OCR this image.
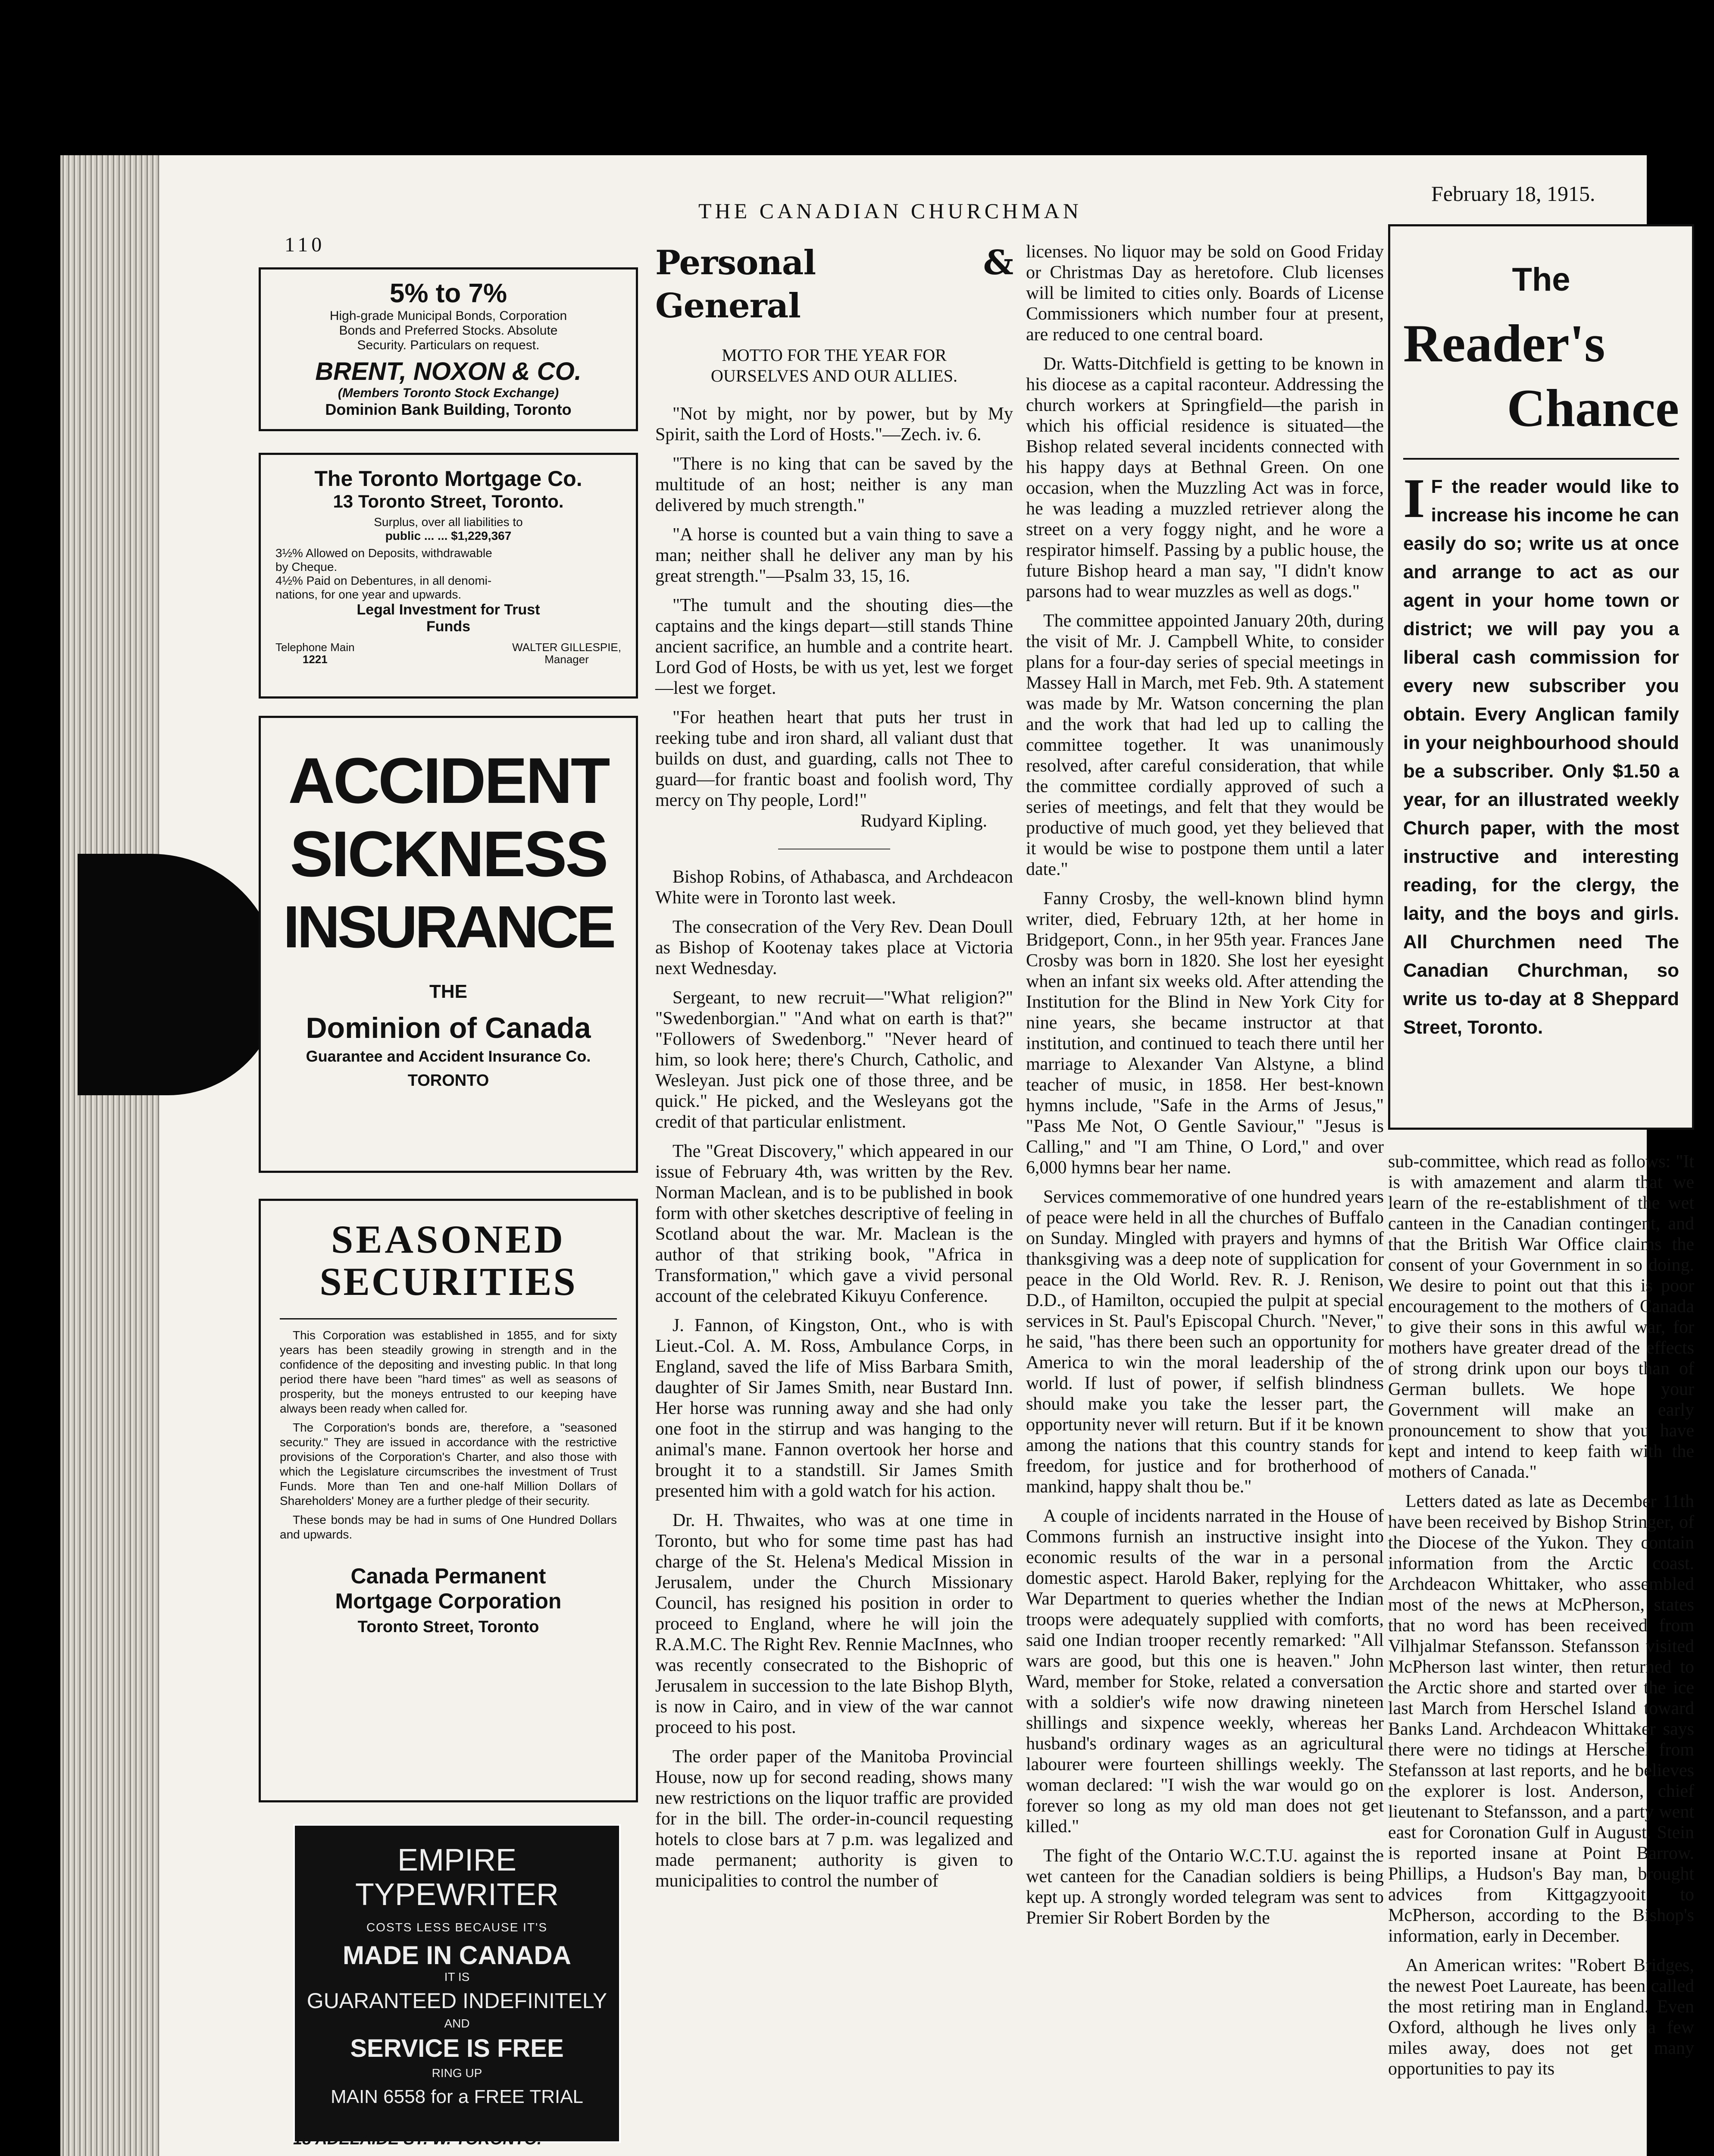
110
THE CANADIAN CHURCHMAN
February 18, 1915.
5% to 7%
High-grade Municipal Bonds, Corporation
Bonds and Preferred Stocks. Absolute
Security. Particulars on request.
BRENT, NOXON & CO.
(Members Toronto Stock Exchange)
Dominion Bank Building, Toronto
The Toronto Mortgage Co.
13 Toronto Street, Toronto.
Surplus, over all liabilities to
public ... ... $1,229,367
3½% Allowed on Deposits, withdrawable
by Cheque.
4½% Paid on Debentures, in all denomi-
nations, for one year and upwards.
Legal Investment for Trust
Funds
Telephone Main
1221
WALTER GILLESPIE,
Manager
ACCIDENT
SICKNESS
INSURANCE
THE
Dominion of Canada
Guarantee and Accident Insurance Co.
TORONTO
SEASONED
SECURITIES
This Corporation was established in 1855, and for sixty years has been steadily growing in strength and in the confidence of the depositing and investing public. In that long period there have been "hard times" as well as seasons of prosperity, but the moneys entrusted to our keeping have always been ready when called for.
The Corporation's bonds are, therefore, a "seasoned security." They are issued in accordance with the restrictive provisions of the Corporation's Charter, and also those with which the Legislature circumscribes the investment of Trust Funds. More than Ten and one-half Million Dollars of Shareholders' Money are a further pledge of their security.
These bonds may be had in sums of One Hundred Dollars and upwards.
Canada Permanent
Mortgage Corporation
Toronto Street, Toronto
EMPIRE TYPEWRITER
COSTS LESS BECAUSE IT'S
MADE IN CANADA
IT IS
GUARANTEED INDEFINITELY
AND
SERVICE IS FREE
RING UP
MAIN 6558 for a FREE TRIAL
18 ADELAIDE ST. W. TORONTO.
Personal & General
MOTTO FOR THE YEAR FOR
OURSELVES AND OUR ALLIES.

"Not by might, nor by power, but by My Spirit, saith the Lord of Hosts."—Zech. iv. 6.

"There is no king that can be saved by the multitude of an host; neither is any man delivered by much strength."

"A horse is counted but a vain thing to save a man; neither shall he deliver any man by his great strength."—Psalm 33, 15, 16.

"The tumult and the shouting dies—the captains and the kings depart—still stands Thine ancient sacrifice, an humble and a contrite heart. Lord God of Hosts, be with us yet, lest we forget—lest we forget.

"For heathen heart that puts her trust in reeking tube and iron shard, all valiant dust that builds on dust, and guarding, calls not Thee to guard—for frantic boast and foolish word, Thy mercy on Thy people, Lord!"

Rudyard Kipling.

Bishop Robins, of Athabasca, and Archdeacon White were in Toronto last week.

The consecration of the Very Rev. Dean Doull as Bishop of Kootenay takes place at Victoria next Wednesday.

Sergeant, to new recruit—"What religion?" "Swedenborgian." "And what on earth is that?" "Followers of Swedenborg." "Never heard of him, so look here; there's Church, Catholic, and Wesleyan. Just pick one of those three, and be quick." He picked, and the Wesleyans got the credit of that particular enlistment.

The "Great Discovery," which appeared in our issue of February 4th, was written by the Rev. Norman Maclean, and is to be published in book form with other sketches descriptive of feeling in Scotland about the war. Mr. Maclean is the author of that striking book, "Africa in Transformation," which gave a vivid personal account of the celebrated Kikuyu Conference.

J. Fannon, of Kingston, Ont., who is with Lieut.-Col. A. M. Ross, Ambulance Corps, in England, saved the life of Miss Barbara Smith, daughter of Sir James Smith, near Bustard Inn. Her horse was running away and she had only one foot in the stirrup and was hanging to the animal's mane. Fannon overtook her horse and brought it to a standstill. Sir James Smith presented him with a gold watch for his action.

Dr. H. Thwaites, who was at one time in Toronto, but who for some time past has had charge of the St. Helena's Medical Mission in Jerusalem, under the Church Missionary Council, has resigned his position in order to proceed to England, where he will join the R.A.M.C. The Right Rev. Rennie MacInnes, who was recently consecrated to the Bishopric of Jerusalem in succession to the late Bishop Blyth, is now in Cairo, and in view of the war cannot proceed to his post.

The order paper of the Manitoba Provincial House, now up for second reading, shows many new restrictions on the liquor traffic are provided for in the bill. The order-in-council requesting hotels to close bars at 7 p.m. was legalized and made permanent; authority is given to municipalities to control the number of

licenses. No liquor may be sold on Good Friday or Christmas Day as heretofore. Club licenses will be limited to cities only. Boards of License Commissioners which number four at present, are reduced to one central board.

Dr. Watts-Ditchfield is getting to be known in his diocese as a capital raconteur. Addressing the church workers at Springfield—the parish in which his official residence is situated—the Bishop related several incidents connected with his happy days at Bethnal Green. On one occasion, when the Muzzling Act was in force, he was leading a muzzled retriever along the street on a very foggy night, and he wore a respirator himself. Passing by a public house, the future Bishop heard a man say, "I didn't know parsons had to wear muzzles as well as dogs."

The committee appointed January 20th, during the visit of Mr. J. Campbell White, to consider plans for a four-day series of special meetings in Massey Hall in March, met Feb. 9th. A statement was made by Mr. Watson concerning the plan and the work that had led up to calling the committee together. It was unanimously resolved, after careful consideration, that while the committee cordially approved of such a series of meetings, and felt that they would be productive of much good, yet they believed that it would be wise to postpone them until a later date."

Fanny Crosby, the well-known blind hymn writer, died, February 12th, at her home in Bridgeport, Conn., in her 95th year. Frances Jane Crosby was born in 1820. She lost her eyesight when an infant six weeks old. After attending the Institution for the Blind in New York City for nine years, she became instructor at that institution, and continued to teach there until her marriage to Alexander Van Alstyne, a blind teacher of music, in 1858. Her best-known hymns include, "Safe in the Arms of Jesus," "Pass Me Not, O Gentle Saviour," "Jesus is Calling," and "I am Thine, O Lord," and over 6,000 hymns bear her name.

Services commemorative of one hundred years of peace were held in all the churches of Buffalo on Sunday. Mingled with prayers and hymns of thanksgiving was a deep note of supplication for peace in the Old World. Rev. R. J. Renison, D.D., of Hamilton, occupied the pulpit at special services in St. Paul's Episcopal Church. "Never," he said, "has there been such an opportunity for America to win the moral leadership of the world. If lust of power, if selfish blindness should make you take the lesser part, the opportunity never will return. But if it be known among the nations that this country stands for freedom, for justice and for brotherhood of mankind, happy shalt thou be."

A couple of incidents narrated in the House of Commons furnish an instructive insight into economic results of the war in a personal domestic aspect. Harold Baker, replying for the War Department to queries whether the Indian troops were adequately supplied with comforts, said one Indian trooper recently remarked: "All wars are good, but this one is heaven." John Ward, member for Stoke, related a conversation with a soldier's wife now drawing nineteen shillings and sixpence weekly, whereas her husband's ordinary wages as an agricultural labourer were fourteen shillings weekly. The woman declared: "I wish the war would go on forever so long as my old man does not get killed."

The fight of the Ontario W.C.T.U. against the wet canteen for the Canadian soldiers is being kept up. A strongly worded telegram was sent to Premier Sir Robert Borden by the

The
Reader's
Chance
I F the reader would like to increase his income he can easily do so; write us at once and arrange to act as our agent in your home town or district; we will pay you a liberal cash commission for every new subscriber you obtain. Every Anglican family in your neighbourhood should be a subscriber. Only $1.50 a year, for an illustrated weekly Church paper, with the most instructive and interesting reading, for the clergy, the laity, and the boys and girls. All Churchmen need The Canadian Churchman, so write us to-day at 8 Sheppard Street, Toronto.

sub-committee, which read as follows: "It is with amazement and alarm that we learn of the re-establishment of the wet canteen in the Canadian contingent, and that the British War Office claims the consent of your Government in so doing. We desire to point out that this is poor encouragement to the mothers of Canada to give their sons in this awful war, for mothers have greater dread of the effects of strong drink upon our boys than of German bullets. We hope your Government will make an early pronouncement to show that you have kept and intend to keep faith with the mothers of Canada."

Letters dated as late as December 11th have been received by Bishop Stringer, of the Diocese of the Yukon. They contain information from the Arctic coast. Archdeacon Whittaker, who assembled most of the news at McPherson, states that no word has been received from Vilhjalmar Stefansson. Stefansson visited McPherson last winter, then returned to the Arctic shore and started over the ice last March from Herschel Island toward Banks Land. Archdeacon Whittaker says there were no tidings at Herschel from Stefansson at last reports, and he believes the explorer is lost. Anderson, chief lieutenant to Stefansson, and a party went east for Coronation Gulf in August. Stein is reported insane at Point Barrow. Phillips, a Hudson's Bay man, brought advices from Kittgagzyooit to McPherson, according to the Bishop's information, early in December.

An American writes: "Robert Bridges, the newest Poet Laureate, has been called the most retiring man in England. Even Oxford, although he lives only a few miles away, does not get many opportunities to pay its
